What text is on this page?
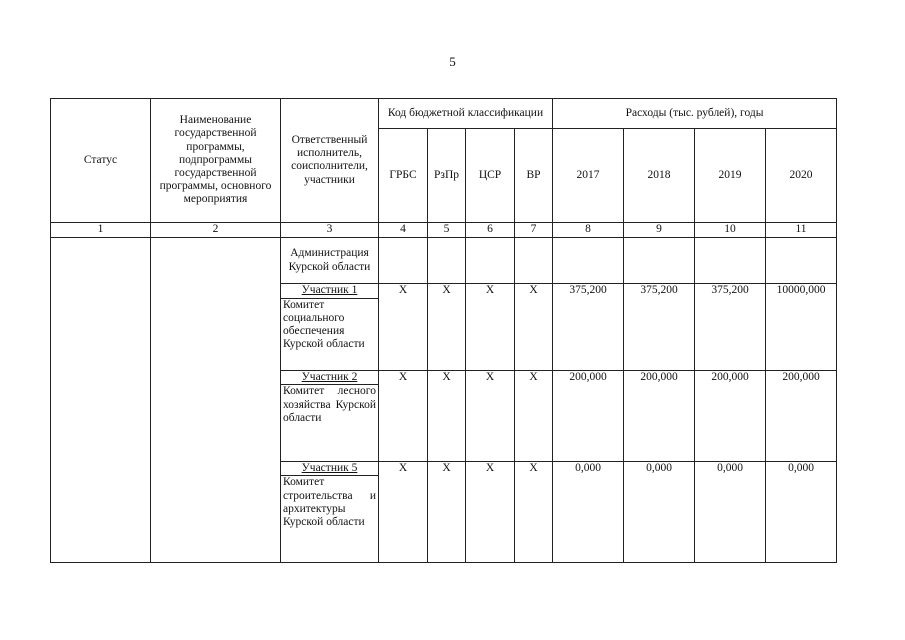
5
Статус	Наименование государственной программы, подпрограммы государственной программы, основного мероприятия	Ответственный исполнитель, соисполнители, участники	Код бюджетной классификации				Расходы (тыс. рублей), годы			
			ГРБС	РзПр	ЦСР	ВР	2017	2018	2019	2020
1	2	3	4	5	6	7	8	9	10	11
		Администрация Курской области								
		Участник 1	Х	Х	Х	Х	375,200	375,200	375,200	10000,000
		Комитет социального обеспечения Курской области								
		Участник 2	Х	Х	Х	Х	200,000	200,000	200,000	200,000
		Комитет лесного хозяйства Курской области								
		Участник 5	Х	Х	Х	Х	0,000	0,000	0,000	0,000
		Комитет строительства и архитектуры Курской области								
